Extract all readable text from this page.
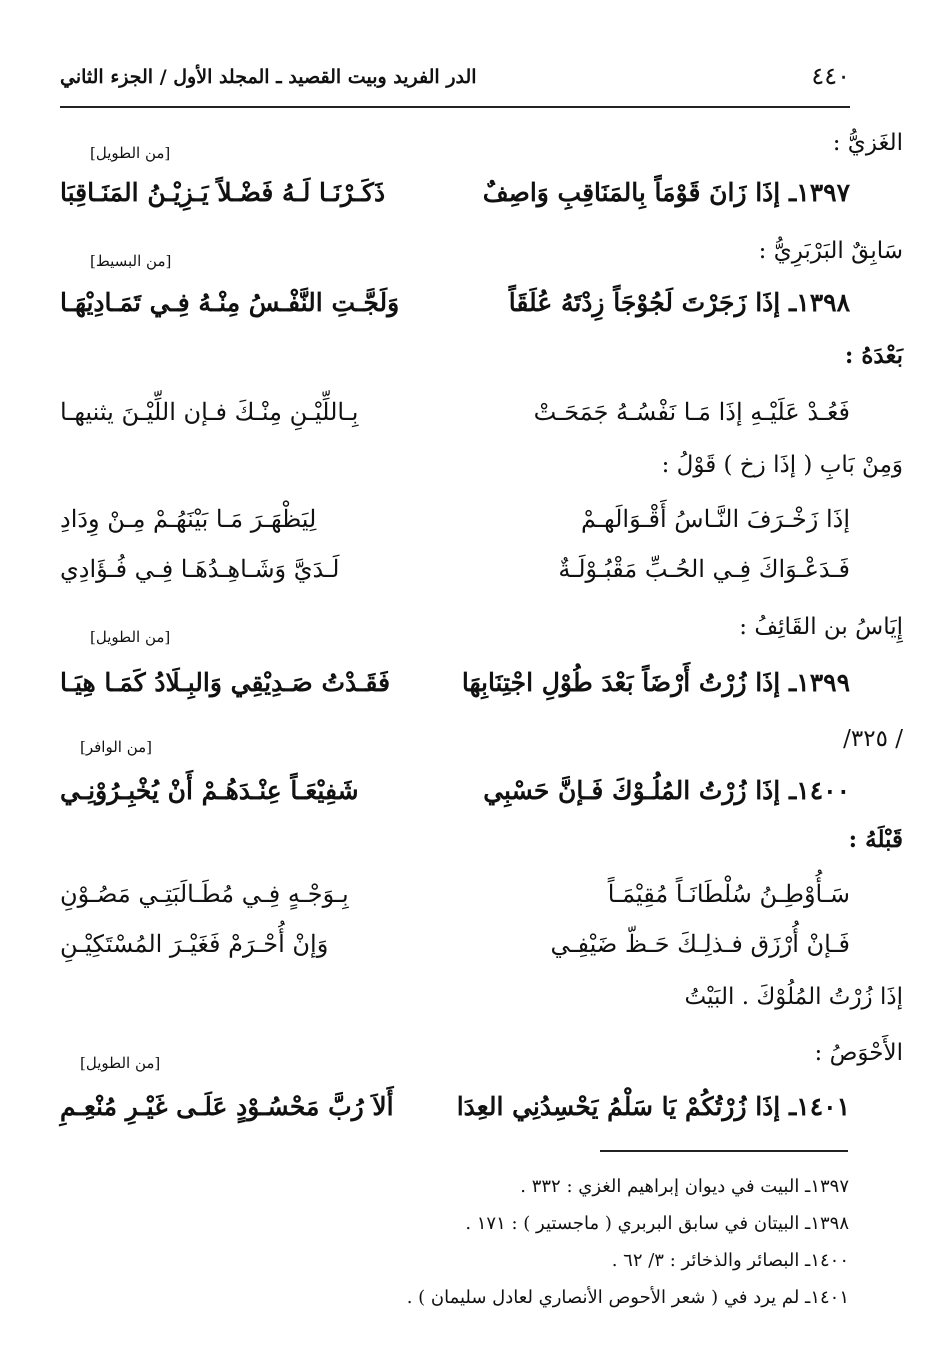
٤٤٠
الدر الفريد وبيت القصيد ـ المجلد الأول / الجزء الثاني
الغَزيُّ :
[من الطويل]
١٣٩٧ـ إذَا زَانَ قَوْمَاً بِالمَنَاقِبِ وَاصِفٌ
ذَكَـرْنَـا لَـهُ فَضْـلاً يَـزِيْـنُ المَنَـاقِبَا
سَابِقٌ البَرْبَرِيُّ :
[من البسيط]
١٣٩٨ـ إذَا زَجَرْتَ لَجُوْجَاً زِدْتَهُ عُلَقَاً
وَلَجَّـتِ النَّفْـسُ مِنْـهُ فِـي تَمَـادِيْهَـا
بَعْدَهُ :
فَعُـدْ عَلَيْـهِ إذَا مَـا نَفْسُـهُ جَمَحَـتْ
بِـاللِّيْـنِ مِنْـكَ فـإن اللِّيْـنَ يثنيهـا
وَمِنْ بَابِ ( إذَا زخ ) قَوْلُ :
إذَا زَخْـرَفَ النَّـاسُ أَقْـوَالَهـمْ
لِيَظْهَـرَ مَـا بَيْنَهُـمْ مِـنْ وِدَادِ
فَـدَعْـوَاكَ فِـي الحُـبِّ مَقْبُـوْلَـةٌ
لَـدَيَّ وَشَـاهِـدُهَـا فِـي فُـؤَادِي
إِيَاسُ بن القَائِفُ :
[من الطويل]
١٣٩٩ـ إذَا زُرْتُ أَرْضَاً بَعْدَ طُوْلِ اجْتِنَابِهَا
فَقَـدْتُ صَـدِيْقِي وَالبِـلَادُ كَمَـا هِيَـا
/ ٣٢٥/
[من الوافر]
١٤٠٠ـ إذَا زُرْتُ المُلُـوْكَ فَـإنَّ حَسْبِي
شَفِيْعَـاً عِنْـدَهُـمْ أَنْ يُخْبِـرُوْنِـي
قَبْلَهُ :
سَـأُوْطِـنُ سُلْطَانَـاً مُقِيْمَـاً
بِـوَجْـهٍ فِـي مُطَـالَبَتِـي مَصُـوْنِ
فَـإنْ أُرْزَق فـذلِـكَ حَـظّ ضَيْفِـي
وَإنْ أُحْـرَمْ فَغَيْـرَ المُسْتَكِيْـنِ
إذَا زُرْتُ المُلُوْكَ . البَيْتُ
الأَحْوَصُ :
[من الطويل]
١٤٠١ـ إذَا زُرْتُكُمْ يَا سَلْمُ يَحْسِدُنِي العِدَا
أَلاَ رُبَّ مَحْسُـوْدٍ عَلَـى غَيْـرِ مُنْعِـمِ
١٣٩٧ـ البيت في ديوان إبراهيم الغزي : ٣٣٢ .
١٣٩٨ـ البيتان في سابق البربري ( ماجستير ) : ١٧١ .
١٤٠٠ـ البصائر والذخائر : ٣/ ٦٢ .
١٤٠١ـ لم يرد في ( شعر الأحوص الأنصاري لعادل سليمان ) .
